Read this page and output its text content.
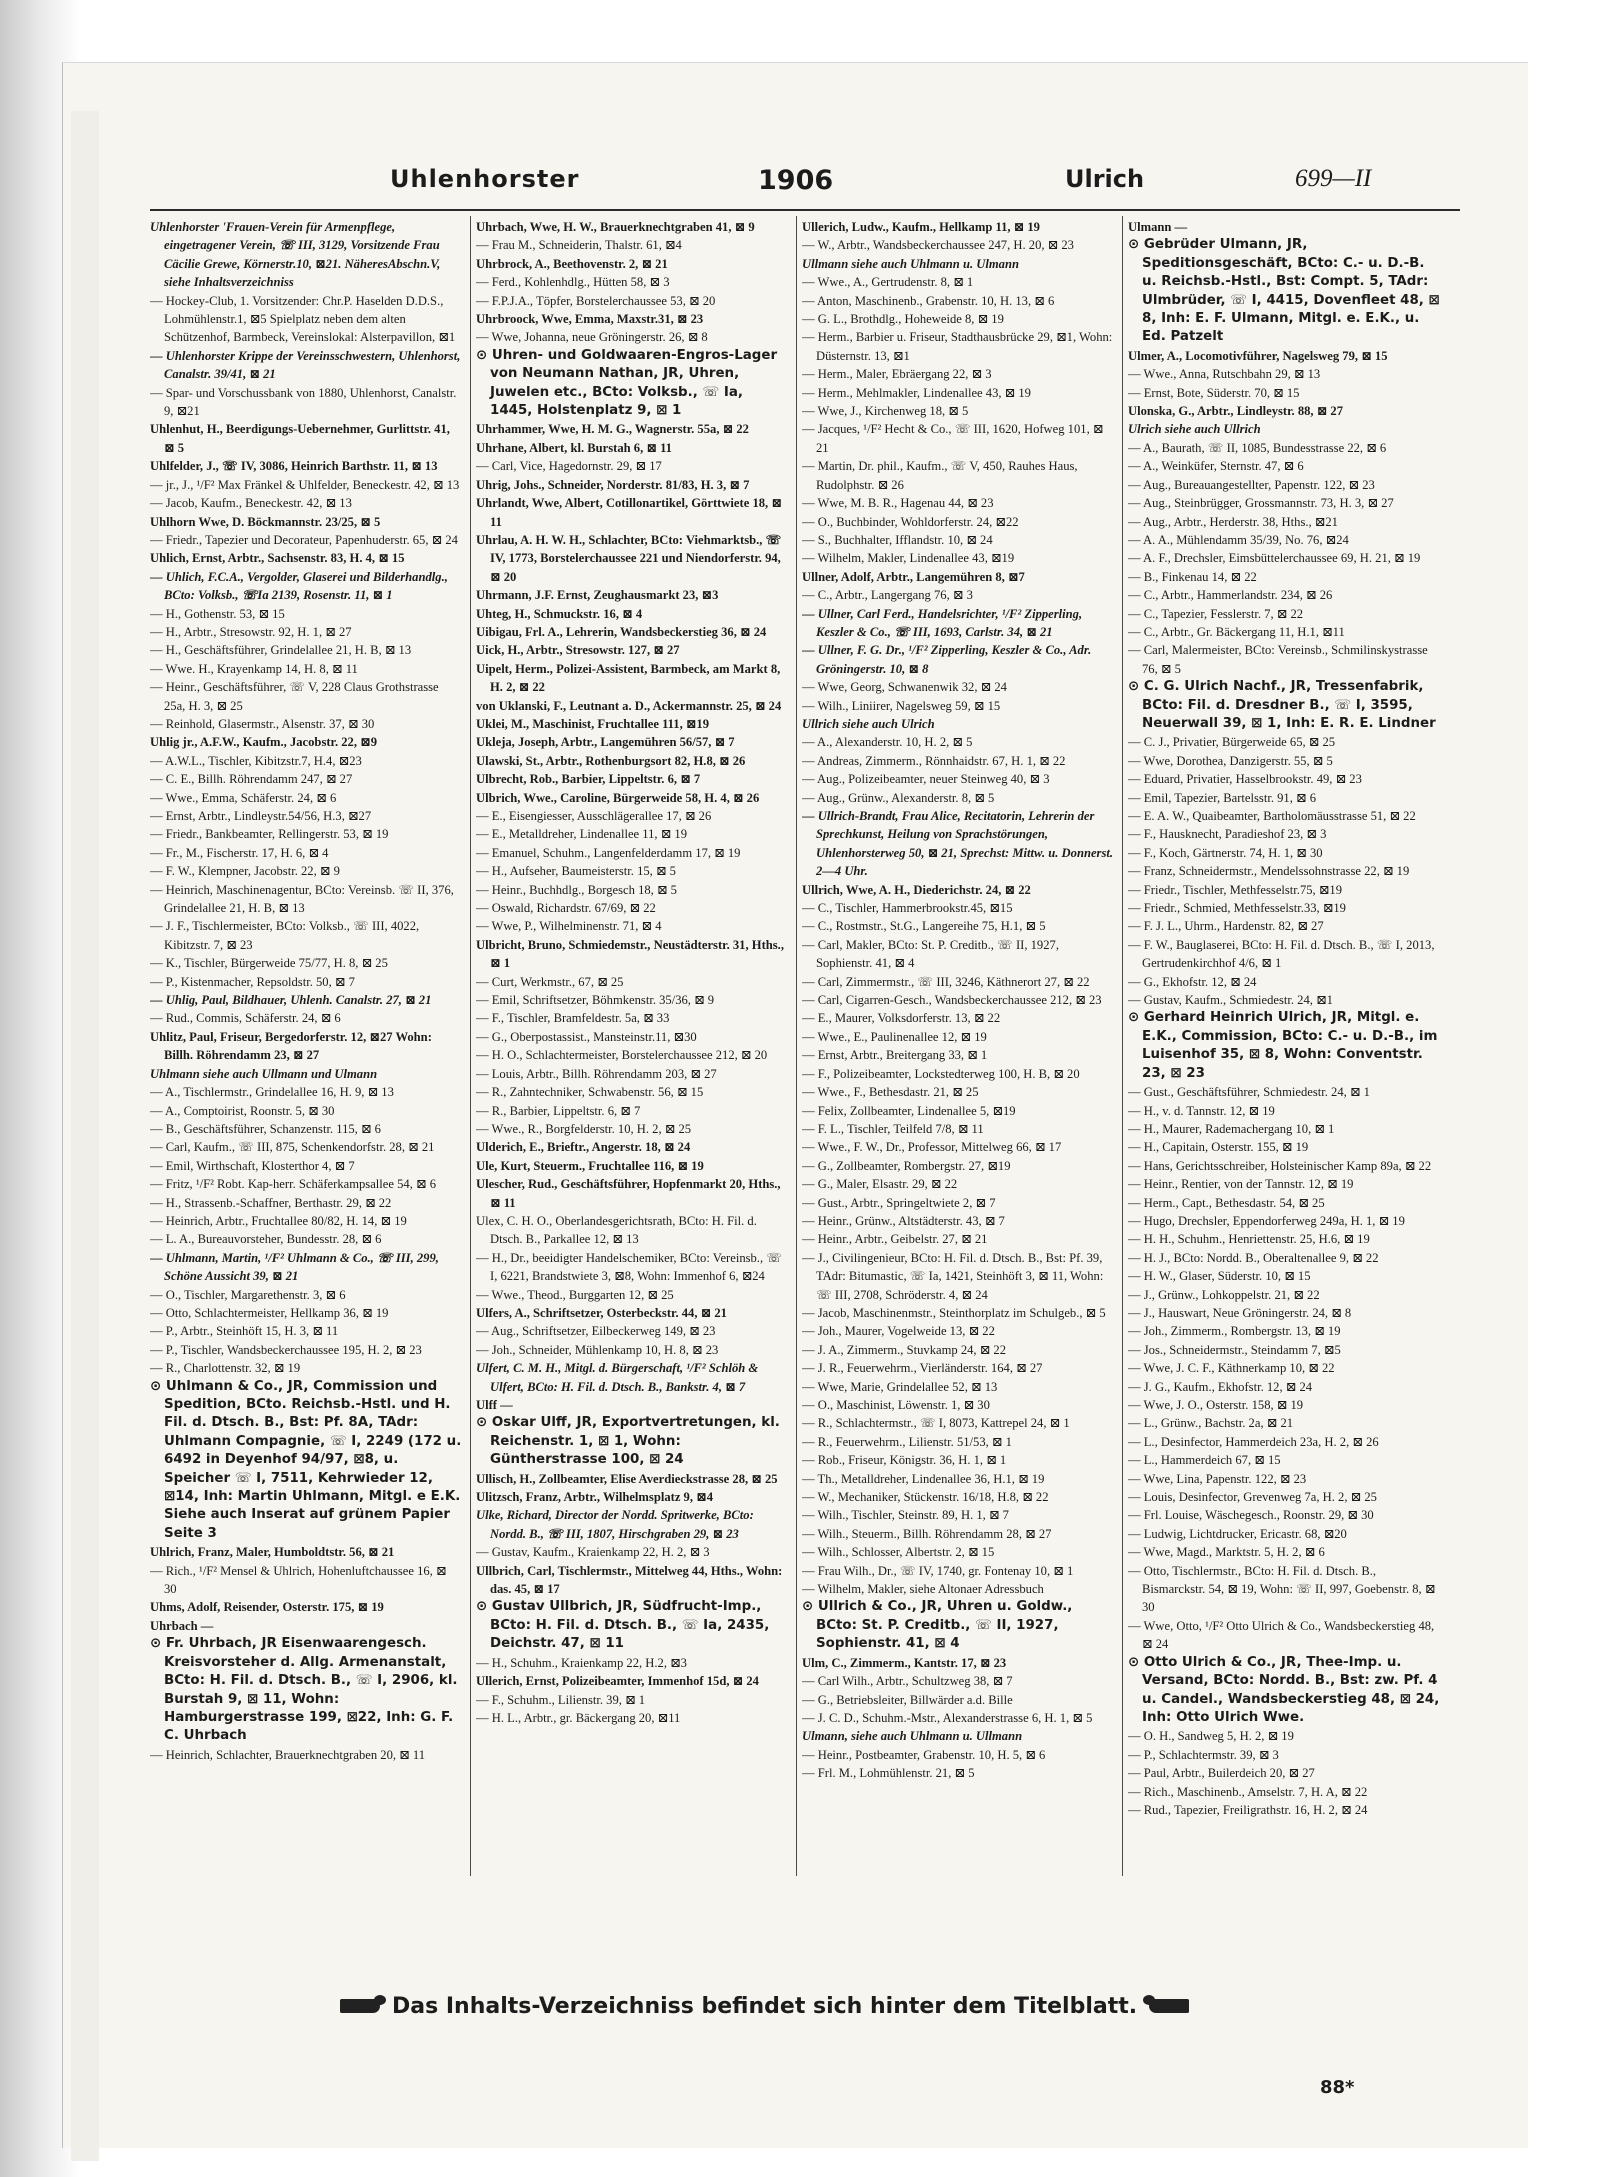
Uhlenhorster	1906	Ulrich	699—II

Uhlenhorster 'Frauen-Verein für Armenpflege, eingetragener Verein, ☏ III, 3129, Vorsitzende Frau Cäcilie Grewe, Körnerstr.10, ⊠21. NäheresAbschn.V, siehe Inhaltsverzeichniss

— Hockey-Club, 1. Vorsitzender: Chr.P. Haselden D.D.S., Lohmühlenstr.1, ⊠5 Spielplatz neben dem alten Schützenhof, Barmbeck, Vereinslokal: Alsterpavillon, ⊠1

— Uhlenhorster Krippe der Vereinsschwestern, Uhlenhorst, Canalstr. 39/41, ⊠ 21

— Spar- und Vorschussbank von 1880, Uhlenhorst, Canalstr. 9, ⊠21

Uhlenhut, H., Beerdigungs-Uebernehmer, Gurlittstr. 41, ⊠ 5

Uhlfelder, J., ☏ IV, 3086, Heinrich Barthstr. 11, ⊠ 13

— jr., J., ¹/F² Max Fränkel & Uhlfelder, Beneckestr. 42, ⊠ 13

— Jacob, Kaufm., Beneckestr. 42, ⊠ 13

Uhlhorn Wwe, D. Böckmannstr. 23/25, ⊠ 5

— Friedr., Tapezier und Decorateur, Papenhuderstr. 65, ⊠ 24

Uhlich, Ernst, Arbtr., Sachsenstr. 83, H. 4, ⊠ 15

— Uhlich, F.C.A., Vergolder, Glaserei und Bilderhandlg., BCto: Volksb., ☏Ia 2139, Rosenstr. 11, ⊠ 1

— H., Gothenstr. 53, ⊠ 15

— H., Arbtr., Stresowstr. 92, H. 1, ⊠ 27

— H., Geschäftsführer, Grindelallee 21, H. B, ⊠ 13

— Wwe. H., Krayenkamp 14, H. 8, ⊠ 11

— Heinr., Geschäftsführer, ☏ V, 228 Claus Grothstrasse 25a, H. 3, ⊠ 25

— Reinhold, Glasermstr., Alsenstr. 37, ⊠ 30

Uhlig jr., A.F.W., Kaufm., Jacobstr. 22, ⊠9

— A.W.L., Tischler, Kibitzstr.7, H.4, ⊠23

— C. E., Billh. Röhrendamm 247, ⊠ 27

— Wwe., Emma, Schäferstr. 24, ⊠ 6

— Ernst, Arbtr., Lindleystr.54/56, H.3, ⊠27

— Friedr., Bankbeamter, Rellingerstr. 53, ⊠ 19

— Fr., M., Fischerstr. 17, H. 6, ⊠ 4

— F. W., Klempner, Jacobstr. 22, ⊠ 9

— Heinrich, Maschinenagentur, BCto: Vereinsb. ☏ II, 376, Grindelallee 21, H. B, ⊠ 13

— J. F., Tischlermeister, BCto: Volksb., ☏ III, 4022, Kibitzstr. 7, ⊠ 23

— K., Tischler, Bürgerweide 75/77, H. 8, ⊠ 25

— P., Kistenmacher, Repsoldstr. 50, ⊠ 7

— Uhlig, Paul, Bildhauer, Uhlenh. Canalstr. 27, ⊠ 21

— Rud., Commis, Schäferstr. 24, ⊠ 6

Uhlitz, Paul, Friseur, Bergedorferstr. 12, ⊠27 Wohn: Billh. Röhrendamm 23, ⊠ 27

Uhlmann siehe auch Ullmann und Ulmann

— A., Tischlermstr., Grindelallee 16, H. 9, ⊠ 13

— A., Comptoirist, Roonstr. 5, ⊠ 30

— B., Geschäftsführer, Schanzenstr. 115, ⊠ 6

— Carl, Kaufm., ☏ III, 875, Schenkendorfstr. 28, ⊠ 21

— Emil, Wirthschaft, Klosterthor 4, ⊠ 7

— Fritz, ¹/F² Robt. Kap-herr. Schäferkampsallee 54, ⊠ 6

— H., Strassenb.-Schaffner, Berthastr. 29, ⊠ 22

— Heinrich, Arbtr., Fruchtallee 80/82, H. 14, ⊠ 19

— L. A., Bureauvorsteher, Bundesstr. 28, ⊠ 6

— Uhlmann, Martin, ¹/F² Uhlmann & Co., ☏ III, 299, Schöne Aussicht 39, ⊠ 21

— O., Tischler, Margarethenstr. 3, ⊠ 6

— Otto, Schlachtermeister, Hellkamp 36, ⊠ 19

— P., Arbtr., Steinhöft 15, H. 3, ⊠ 11

— P., Tischler, Wandsbeckerchaussee 195, H. 2, ⊠ 23

— R., Charlottenstr. 32, ⊠ 19

⊙ Uhlmann & Co., JR, Commission und Spedition, BCto. Reichsb.-Hstl. und H. Fil. d. Dtsch. B., Bst: Pf. 8A, TAdr: Uhlmann Compagnie, ☏ I, 2249 (172 u. 6492 in Deyenhof 94/97, ⊠8, u. Speicher ☏ I, 7511, Kehrwieder 12, ⊠14, Inh: Martin Uhlmann, Mitgl. e E.K. Siehe auch Inserat auf grünem Papier Seite 3

Uhlrich, Franz, Maler, Humboldtstr. 56, ⊠ 21

— Rich., ¹/F² Mensel & Uhlrich, Hohenluftchaussee 16, ⊠ 30

Uhms, Adolf, Reisender, Osterstr. 175, ⊠ 19

Uhrbach —

⊙ Fr. Uhrbach, JR Eisenwaarengesch. Kreisvorsteher d. Allg. Armenanstalt, BCto: H. Fil. d. Dtsch. B., ☏ I, 2906, kl. Burstah 9, ⊠ 11, Wohn: Hamburgerstrasse 199, ⊠22, Inh: G. F. C. Uhrbach

— Heinrich, Schlachter, Brauerknechtgraben 20, ⊠ 11

Uhrbach, Wwe, H. W., Brauerknechtgraben 41, ⊠ 9

— Frau M., Schneiderin, Thalstr. 61, ⊠4

Uhrbrock, A., Beethovenstr. 2, ⊠ 21

— Ferd., Kohlenhdlg., Hütten 58, ⊠ 3

— F.P.J.A., Töpfer, Borstelerchaussee 53, ⊠ 20

Uhrbroock, Wwe, Emma, Maxstr.31, ⊠ 23

— Wwe, Johanna, neue Gröningerstr. 26, ⊠ 8

⊙ Uhren- und Goldwaaren-Engros-Lager von Neumann Nathan, JR, Uhren, Juwelen etc., BCto: Volksb., ☏ Ia, 1445, Holstenplatz 9, ⊠ 1

Uhrhammer, Wwe, H. M. G., Wagnerstr. 55a, ⊠ 22

Uhrhane, Albert, kl. Burstah 6, ⊠ 11

— Carl, Vice, Hagedornstr. 29, ⊠ 17

Uhrig, Johs., Schneider, Norderstr. 81/83, H. 3, ⊠ 7

Uhrlandt, Wwe, Albert, Cotillonartikel, Görttwiete 18, ⊠ 11

Uhrlau, A. H. W. H., Schlachter, BCto: Viehmarktsb., ☏ IV, 1773, Borstelerchaussee 221 und Niendorferstr. 94, ⊠ 20

Uhrmann, J.F. Ernst, Zeughausmarkt 23, ⊠3

Uhteg, H., Schmuckstr. 16, ⊠ 4

Uibigau, Frl. A., Lehrerin, Wandsbeckerstieg 36, ⊠ 24

Uick, H., Arbtr., Stresowstr. 127, ⊠ 27

Uipelt, Herm., Polizei-Assistent, Barmbeck, am Markt 8, H. 2, ⊠ 22

von Uklanski, F., Leutnant a. D., Ackermannstr. 25, ⊠ 24

Uklei, M., Maschinist, Fruchtallee 111, ⊠19

Ukleja, Joseph, Arbtr., Langemühren 56/57, ⊠ 7

Ulawski, St., Arbtr., Rothenburgsort 82, H.8, ⊠ 26

Ulbrecht, Rob., Barbier, Lippeltstr. 6, ⊠ 7

Ulbrich, Wwe., Caroline, Bürgerweide 58, H. 4, ⊠ 26

— E., Eisengiesser, Ausschlägerallee 17, ⊠ 26

— E., Metalldreher, Lindenallee 11, ⊠ 19

— Emanuel, Schuhm., Langenfelderdamm 17, ⊠ 19

— H., Aufseher, Baumeisterstr. 15, ⊠ 5

— Heinr., Buchhdlg., Borgesch 18, ⊠ 5

— Oswald, Richardstr. 67/69, ⊠ 22

— Wwe, P., Wilhelminenstr. 71, ⊠ 4

Ulbricht, Bruno, Schmiedemstr., Neustädterstr. 31, Hths., ⊠ 1

— Curt, Werkmstr., 67, ⊠ 25

— Emil, Schriftsetzer, Böhmkenstr. 35/36, ⊠ 9

— F., Tischler, Bramfeldestr. 5a, ⊠ 33

— G., Oberpostassist., Mansteinstr.11, ⊠30

— H. O., Schlachtermeister, Borstelerchaussee 212, ⊠ 20

— Louis, Arbtr., Billh. Röhrendamm 203, ⊠ 27

— R., Zahntechniker, Schwabenstr. 56, ⊠ 15

— R., Barbier, Lippeltstr. 6, ⊠ 7

— Wwe., R., Borgfelderstr. 10, H. 2, ⊠ 25

Ulderich, E., Brieftr., Angerstr. 18, ⊠ 24

Ule, Kurt, Steuerm., Fruchtallee 116, ⊠ 19

Ulescher, Rud., Geschäftsführer, Hopfenmarkt 20, Hths., ⊠ 11

Ulex, C. H. O., Oberlandesgerichtsrath, BCto: H. Fil. d. Dtsch. B., Parkallee 12, ⊠ 13

— H., Dr., beeidigter Handelschemiker, BCto: Vereinsb., ☏ I, 6221, Brandstwiete 3, ⊠8, Wohn: Immenhof 6, ⊠24

— Wwe., Theod., Burggarten 12, ⊠ 25

Ulfers, A., Schriftsetzer, Osterbeckstr. 44, ⊠ 21

— Aug., Schriftsetzer, Eilbeckerweg 149, ⊠ 23

— Joh., Schneider, Mühlenkamp 10, H. 8, ⊠ 23

Ulfert, C. M. H., Mitgl. d. Bürgerschaft, ¹/F² Schlöh & Ulfert, BCto: H. Fil. d. Dtsch. B., Bankstr. 4, ⊠ 7

Ulff —

⊙ Oskar Ulff, JR, Exportvertretungen, kl. Reichenstr. 1, ⊠ 1, Wohn: Güntherstrasse 100, ⊠ 24

Ullisch, H., Zollbeamter, Elise Averdieckstrasse 28, ⊠ 25

Ulitzsch, Franz, Arbtr., Wilhelmsplatz 9, ⊠4

Ulke, Richard, Director der Nordd. Spritwerke, BCto: Nordd. B., ☏ III, 1807, Hirschgraben 29, ⊠ 23

— Gustav, Kaufm., Kraienkamp 22, H. 2, ⊠ 3

Ullbrich, Carl, Tischlermstr., Mittelweg 44, Hths., Wohn: das. 45, ⊠ 17

⊙ Gustav Ullbrich, JR, Südfrucht-Imp., BCto: H. Fil. d. Dtsch. B., ☏ Ia, 2435, Deichstr. 47, ⊠ 11

— H., Schuhm., Kraienkamp 22, H.2, ⊠3

Ullerich, Ernst, Polizeibeamter, Immenhof 15d, ⊠ 24

— F., Schuhm., Lilienstr. 39, ⊠ 1

— H. L., Arbtr., gr. Bäckergang 20, ⊠11

Ullerich, Ludw., Kaufm., Hellkamp 11, ⊠ 19

— W., Arbtr., Wandsbeckerchaussee 247, H. 20, ⊠ 23

Ullmann siehe auch Uhlmann u. Ulmann

— Wwe., A., Gertrudenstr. 8, ⊠ 1

— Anton, Maschinenb., Grabenstr. 10, H. 13, ⊠ 6

— G. L., Brothdlg., Hoheweide 8, ⊠ 19

— Herm., Barbier u. Friseur, Stadthausbrücke 29, ⊠1, Wohn: Düsternstr. 13, ⊠1

— Herm., Maler, Ebräergang 22, ⊠ 3

— Herm., Mehlmakler, Lindenallee 43, ⊠ 19

— Wwe, J., Kirchenweg 18, ⊠ 5

— Jacques, ¹/F² Hecht & Co., ☏ III, 1620, Hofweg 101, ⊠ 21

— Martin, Dr. phil., Kaufm., ☏ V, 450, Rauhes Haus, Rudolphstr. ⊠ 26

— Wwe, M. B. R., Hagenau 44, ⊠ 23

— O., Buchbinder, Wohldorferstr. 24, ⊠22

— S., Buchhalter, Ifflandstr. 10, ⊠ 24

— Wilhelm, Makler, Lindenallee 43, ⊠19

Ullner, Adolf, Arbtr., Langemühren 8, ⊠7

— C., Arbtr., Langergang 76, ⊠ 3

— Ullner, Carl Ferd., Handelsrichter, ¹/F² Zipperling, Keszler & Co., ☏ III, 1693, Carlstr. 34, ⊠ 21

— Ullner, F. G. Dr., ¹/F² Zipperling, Keszler & Co., Adr. Gröningerstr. 10, ⊠ 8

— Wwe, Georg, Schwanenwik 32, ⊠ 24

— Wilh., Liniirer, Nagelsweg 59, ⊠ 15

Ullrich siehe auch Ulrich

— A., Alexanderstr. 10, H. 2, ⊠ 5

— Andreas, Zimmerm., Rönnhaidstr. 67, H. 1, ⊠ 22

— Aug., Polizeibeamter, neuer Steinweg 40, ⊠ 3

— Aug., Grünw., Alexanderstr. 8, ⊠ 5

— Ullrich-Brandt, Frau Alice, Recitatorin, Lehrerin der Sprechkunst, Heilung von Sprachstörungen, Uhlenhorsterweg 50, ⊠ 21, Sprechst: Mittw. u. Donnerst. 2—4 Uhr.

Ullrich, Wwe, A. H., Diederichstr. 24, ⊠ 22

— C., Tischler, Hammerbrookstr.45, ⊠15

— C., Rostmstr., St.G., Langereihe 75, H.1, ⊠ 5

— Carl, Makler, BCto: St. P. Creditb., ☏ II, 1927, Sophienstr. 41, ⊠ 4

— Carl, Zimmermstr., ☏ III, 3246, Käthnerort 27, ⊠ 22

— Carl, Cigarren-Gesch., Wandsbeckerchaussee 212, ⊠ 23

— E., Maurer, Volksdorferstr. 13, ⊠ 22

— Wwe., E., Paulinenallee 12, ⊠ 19

— Ernst, Arbtr., Breitergang 33, ⊠ 1

— F., Polizeibeamter, Lockstedterweg 100, H. B, ⊠ 20

— Wwe., F., Bethesdastr. 21, ⊠ 25

— Felix, Zollbeamter, Lindenallee 5, ⊠19

— F. L., Tischler, Teilfeld 7/8, ⊠ 11

— Wwe., F. W., Dr., Professor, Mittelweg 66, ⊠ 17

— G., Zollbeamter, Rombergstr. 27, ⊠19

— G., Maler, Elsastr. 29, ⊠ 22

— Gust., Arbtr., Springeltwiete 2, ⊠ 7

— Heinr., Grünw., Altstädterstr. 43, ⊠ 7

— Heinr., Arbtr., Geibelstr. 27, ⊠ 21

— J., Civilingenieur, BCto: H. Fil. d. Dtsch. B., Bst: Pf. 39, TAdr: Bitumastic, ☏ Ia, 1421, Steinhöft 3, ⊠ 11, Wohn: ☏ III, 2708, Schröderstr. 4, ⊠ 24

— Jacob, Maschinenmstr., Steinthorplatz im Schulgeb., ⊠ 5

— Joh., Maurer, Vogelweide 13, ⊠ 22

— J. A., Zimmerm., Stuvkamp 24, ⊠ 22

— J. R., Feuerwehrm., Vierländerstr. 164, ⊠ 27

— Wwe, Marie, Grindelallee 52, ⊠ 13

— O., Maschinist, Löwenstr. 1, ⊠ 30

— R., Schlachtermstr., ☏ I, 8073, Kattrepel 24, ⊠ 1

— R., Feuerwehrm., Lilienstr. 51/53, ⊠ 1

— Rob., Friseur, Königstr. 36, H. 1, ⊠ 1

— Th., Metalldreher, Lindenallee 36, H.1, ⊠ 19

— W., Mechaniker, Stückenstr. 16/18, H.8, ⊠ 22

— Wilh., Tischler, Steinstr. 89, H. 1, ⊠ 7

— Wilh., Steuerm., Billh. Röhrendamm 28, ⊠ 27

— Wilh., Schlosser, Albertstr. 2, ⊠ 15

— Frau Wilh., Dr., ☏ IV, 1740, gr. Fontenay 10, ⊠ 1

— Wilhelm, Makler, siehe Altonaer Adressbuch

⊙ Ullrich & Co., JR, Uhren u. Goldw., BCto: St. P. Creditb., ☏ II, 1927, Sophienstr. 41, ⊠ 4

Ulm, C., Zimmerm., Kantstr. 17, ⊠ 23

— Carl Wilh., Arbtr., Schultzweg 38, ⊠ 7

— G., Betriebsleiter, Billwärder a.d. Bille

— J. C. D., Schuhm.-Mstr., Alexanderstrasse 6, H. 1, ⊠ 5

Ulmann, siehe auch Uhlmann u. Ullmann

— Heinr., Postbeamter, Grabenstr. 10, H. 5, ⊠ 6

— Frl. M., Lohmühlenstr. 21, ⊠ 5

Ulmann —

⊙ Gebrüder Ulmann, JR, Speditionsgeschäft, BCto: C.- u. D.-B. u. Reichsb.-Hstl., Bst: Compt. 5, TAdr: Ulmbrüder, ☏ I, 4415, Dovenfleet 48, ⊠ 8, Inh: E. F. Ulmann, Mitgl. e. E.K., u. Ed. Patzelt

Ulmer, A., Locomotivführer, Nagelsweg 79, ⊠ 15

— Wwe., Anna, Rutschbahn 29, ⊠ 13

— Ernst, Bote, Süderstr. 70, ⊠ 15

Ulonska, G., Arbtr., Lindleystr. 88, ⊠ 27

Ulrich siehe auch Ullrich

— A., Baurath, ☏ II, 1085, Bundesstrasse 22, ⊠ 6

— A., Weinküfer, Sternstr. 47, ⊠ 6

— Aug., Bureauangestellter, Papenstr. 122, ⊠ 23

— Aug., Steinbrügger, Grossmannstr. 73, H. 3, ⊠ 27

— Aug., Arbtr., Herderstr. 38, Hths., ⊠21

— A. A., Mühlendamm 35/39, No. 76, ⊠24

— A. F., Drechsler, Eimsbüttelerchaussee 69, H. 21, ⊠ 19

— B., Finkenau 14, ⊠ 22

— C., Arbtr., Hammerlandstr. 234, ⊠ 26

— C., Tapezier, Fesslerstr. 7, ⊠ 22

— C., Arbtr., Gr. Bäckergang 11, H.1, ⊠11

— Carl, Malermeister, BCto: Vereinsb., Schmilinskystrasse 76, ⊠ 5

⊙ C. G. Ulrich Nachf., JR, Tressenfabrik, BCto: Fil. d. Dresdner B., ☏ I, 3595, Neuerwall 39, ⊠ 1, Inh: E. R. E. Lindner

— C. J., Privatier, Bürgerweide 65, ⊠ 25

— Wwe, Dorothea, Danzigerstr. 55, ⊠ 5

— Eduard, Privatier, Hasselbrookstr. 49, ⊠ 23

— Emil, Tapezier, Bartelsstr. 91, ⊠ 6

— E. A. W., Quaibeamter, Bartholomäusstrasse 51, ⊠ 22

— F., Hausknecht, Paradieshof 23, ⊠ 3

— F., Koch, Gärtnerstr. 74, H. 1, ⊠ 30

— Franz, Schneidermstr., Mendelssohnstrasse 22, ⊠ 19

— Friedr., Tischler, Methfesselstr.75, ⊠19

— Friedr., Schmied, Methfesselstr.33, ⊠19

— F. J. L., Uhrm., Hardenstr. 82, ⊠ 27

— F. W., Bauglaserei, BCto: H. Fil. d. Dtsch. B., ☏ I, 2013, Gertrudenkirchhof 4/6, ⊠ 1

— G., Ekhofstr. 12, ⊠ 24

— Gustav, Kaufm., Schmiedestr. 24, ⊠1

⊙ Gerhard Heinrich Ulrich, JR, Mitgl. e. E.K., Commission, BCto: C.- u. D.-B., im Luisenhof 35, ⊠ 8, Wohn: Conventstr. 23, ⊠ 23

— Gust., Geschäftsführer, Schmiedestr. 24, ⊠ 1

— H., v. d. Tannstr. 12, ⊠ 19

— H., Maurer, Rademachergang 10, ⊠ 1

— H., Capitain, Osterstr. 155, ⊠ 19

— Hans, Gerichtsschreiber, Holsteinischer Kamp 89a, ⊠ 22

— Heinr., Rentier, von der Tannstr. 12, ⊠ 19

— Herm., Capt., Bethesdastr. 54, ⊠ 25

— Hugo, Drechsler, Eppendorferweg 249a, H. 1, ⊠ 19

— H. H., Schuhm., Henriettenstr. 25, H.6, ⊠ 19

— H. J., BCto: Nordd. B., Oberaltenallee 9, ⊠ 22

— H. W., Glaser, Süderstr. 10, ⊠ 15

— J., Grünw., Lohkoppelstr. 21, ⊠ 22

— J., Hauswart, Neue Gröningerstr. 24, ⊠ 8

— Joh., Zimmerm., Rombergstr. 13, ⊠ 19

— Jos., Schneidermstr., Steindamm 7, ⊠5

— Wwe, J. C. F., Käthnerkamp 10, ⊠ 22

— J. G., Kaufm., Ekhofstr. 12, ⊠ 24

— Wwe, J. O., Osterstr. 158, ⊠ 19

— L., Grünw., Bachstr. 2a, ⊠ 21

— L., Desinfector, Hammerdeich 23a, H. 2, ⊠ 26

— L., Hammerdeich 67, ⊠ 15

— Wwe, Lina, Papenstr. 122, ⊠ 23

— Louis, Desinfector, Grevenweg 7a, H. 2, ⊠ 25

— Frl. Louise, Wäschegesch., Roonstr. 29, ⊠ 30

— Ludwig, Lichtdrucker, Ericastr. 68, ⊠20

— Wwe, Magd., Marktstr. 5, H. 2, ⊠ 6

— Otto, Tischlermstr., BCto: H. Fil. d. Dtsch. B., Bismarckstr. 54, ⊠ 19, Wohn: ☏ II, 997, Goebenstr. 8, ⊠ 30

— Wwe, Otto, ¹/F² Otto Ulrich & Co., Wandsbeckerstieg 48, ⊠ 24

⊙ Otto Ulrich & Co., JR, Thee-Imp. u. Versand, BCto: Nordd. B., Bst: zw. Pf. 4 u. Candel., Wandsbeckerstieg 48, ⊠ 24, Inh: Otto Ulrich Wwe.

— O. H., Sandweg 5, H. 2, ⊠ 19

— P., Schlachtermstr. 39, ⊠ 3

— Paul, Arbtr., Builerdeich 20, ⊠ 27

— Rich., Maschinenb., Amselstr. 7, H. A, ⊠ 22

— Rud., Tapezier, Freiligrathstr. 16, H. 2, ⊠ 24

Das Inhalts-Verzeichniss befindet sich hinter dem Titelblatt.
88*
